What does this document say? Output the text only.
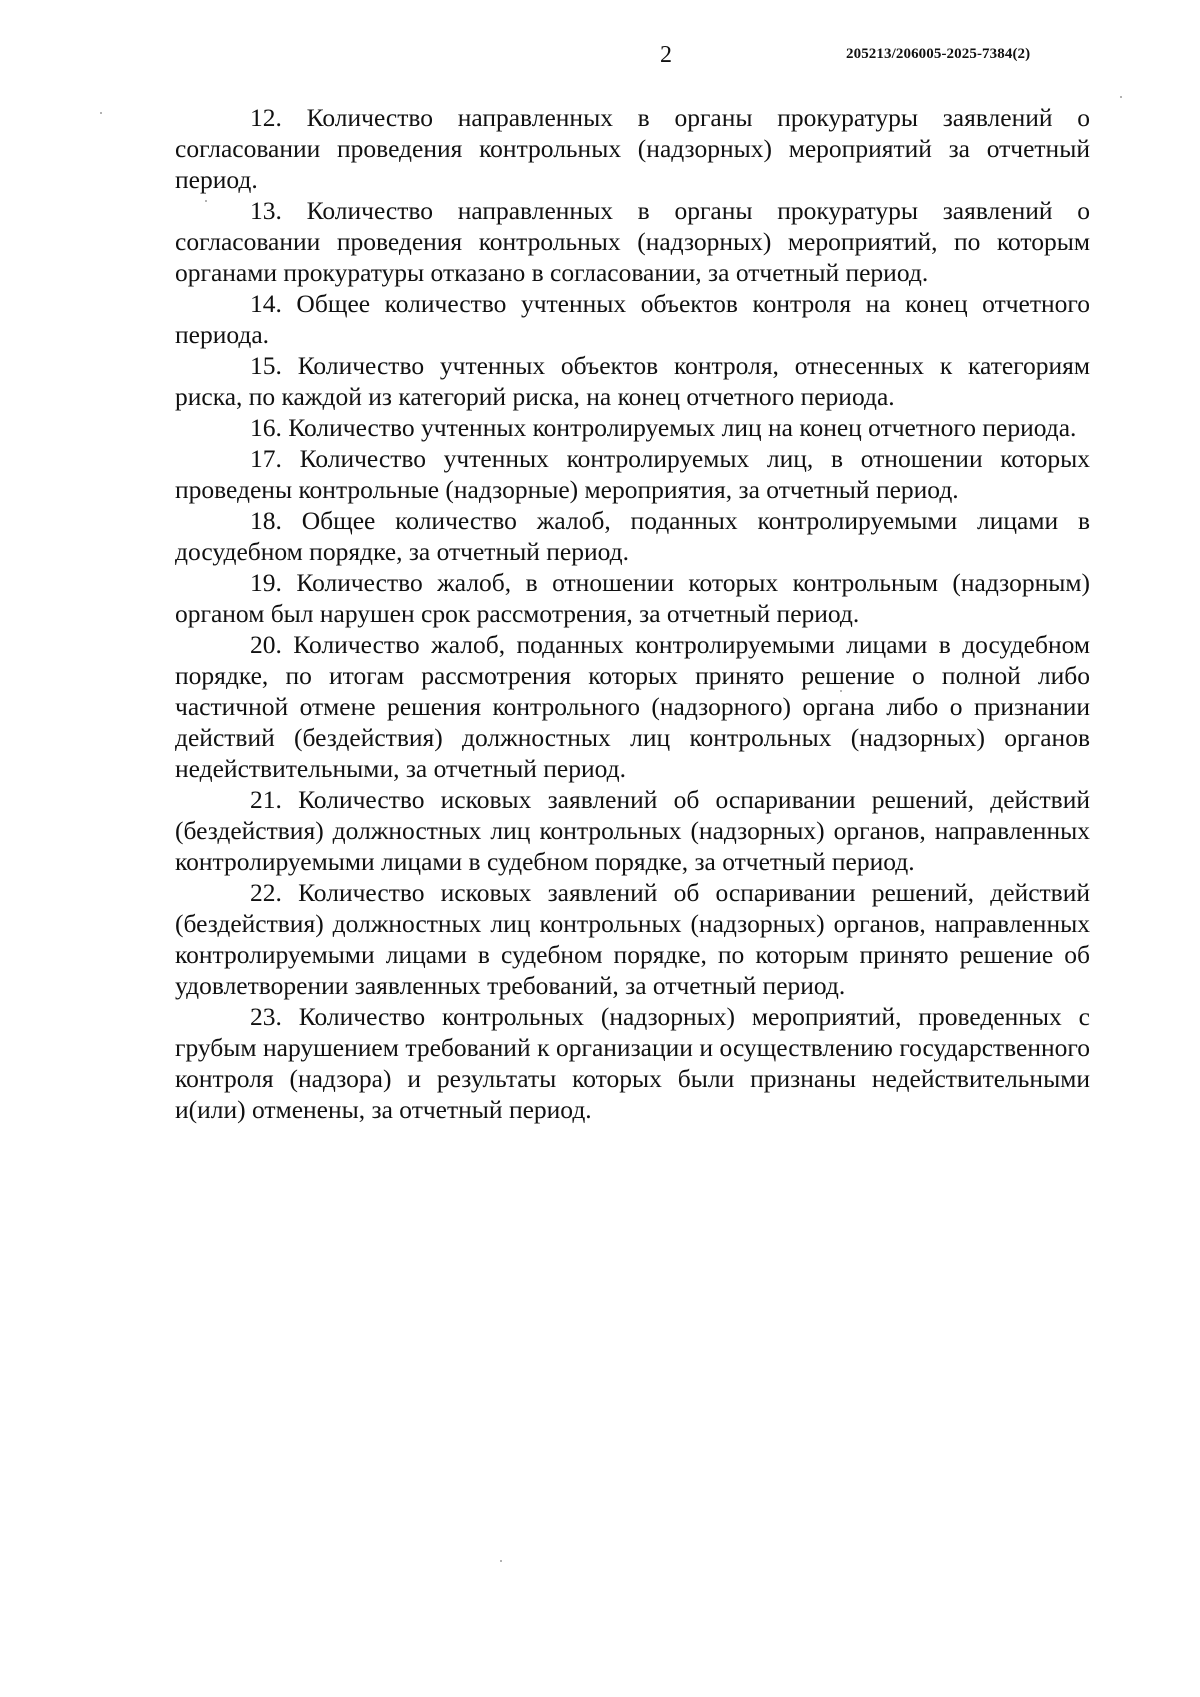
2	205213/206005-2025-7384(2)

12. Количество направленных в органы прокуратуры заявлений о согласовании проведения контрольных (надзорных) мероприятий за отчетный период.

13. Количество направленных в органы прокуратуры заявлений о согласовании проведения контрольных (надзорных) мероприятий, по которым органами прокуратуры отказано в согласовании, за отчетный период.

14. Общее количество учтенных объектов контроля на конец отчетного периода.

15. Количество учтенных объектов контроля, отнесенных к категориям риска, по каждой из категорий риска, на конец отчетного периода.

16. Количество учтенных контролируемых лиц на конец отчетного периода.

17. Количество учтенных контролируемых лиц, в отношении которых проведены контрольные (надзорные) мероприятия, за отчетный период.

18. Общее количество жалоб, поданных контролируемыми лицами в досудебном порядке, за отчетный период.

19. Количество жалоб, в отношении которых контрольным (надзорным) органом был нарушен срок рассмотрения, за отчетный период.

20. Количество жалоб, поданных контролируемыми лицами в досудебном порядке, по итогам рассмотрения которых принято решение о полной либо частичной отмене решения контрольного (надзорного) органа либо о признании действий (бездействия) должностных лиц контрольных (надзорных) органов недействительными, за отчетный период.

21. Количество исковых заявлений об оспаривании решений, действий (бездействия) должностных лиц контрольных (надзорных) органов, направленных контролируемыми лицами в судебном порядке, за отчетный период.

22. Количество исковых заявлений об оспаривании решений, действий (бездействия) должностных лиц контрольных (надзорных) органов, направленных контролируемыми лицами в судебном порядке, по которым принято решение об удовлетворении заявленных требований, за отчетный период.

23. Количество контрольных (надзорных) мероприятий, проведенных с грубым нарушением требований к организации и осуществлению государственного контроля (надзора) и результаты которых были признаны недействительными и(или) отменены, за отчетный период.
